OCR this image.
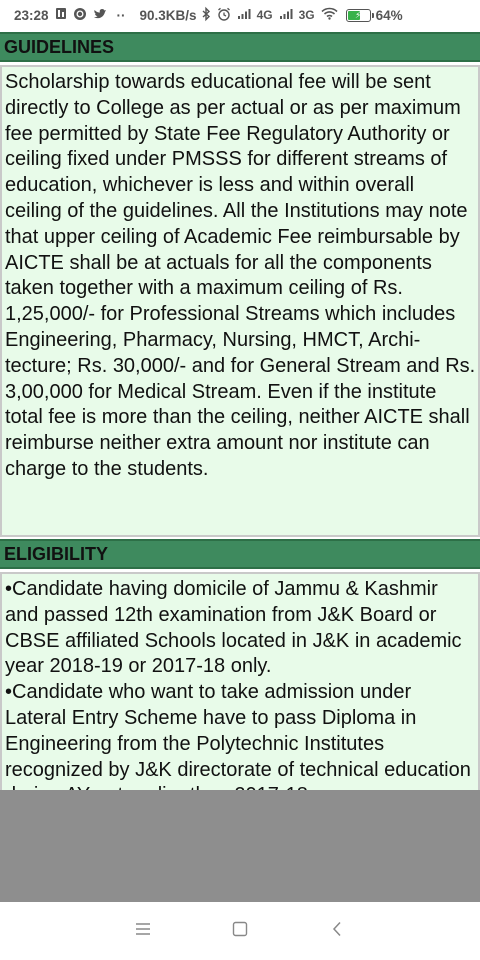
23:28	·· 90.3KB/s	4G 3G	⚡ 64%
GUIDELINES

Scholarship towards educational fee will be sent directly to College as per actual or as per maximum fee permitted by State Fee Regulatory Authority or ceiling fixed under PMSSS for different streams of education, whichever is less and within overall ceiling of the guidelines. All the Institutions may note that upper ceiling of Academic Fee reimbursable by AICTE shall be at actuals for all the components taken together with a maximum ceiling of Rs. 1,25,000/- for Professional Streams which includes Engineering, Pharmacy, Nursing, HMCT, Archi- tecture; Rs. 30,000/- and for General Stream and Rs. 3,00,000 for Medical Stream. Even if the institute total fee is more than the ceiling, neither AICTE shall reimburse neither extra amount nor institute can charge to the students.

ELIGIBILITY

•Candidate having domicile of Jammu & Kashmir and passed 12th examination from J&K Board or CBSE affiliated Schools located in J&K in academic year 2018-19 or 2017-18 only.

•Candidate who want to take admission under Lateral Entry Scheme have to pass Diploma in Engineering from the Polytechnic Institutes recognized by J&K directorate of technical education
